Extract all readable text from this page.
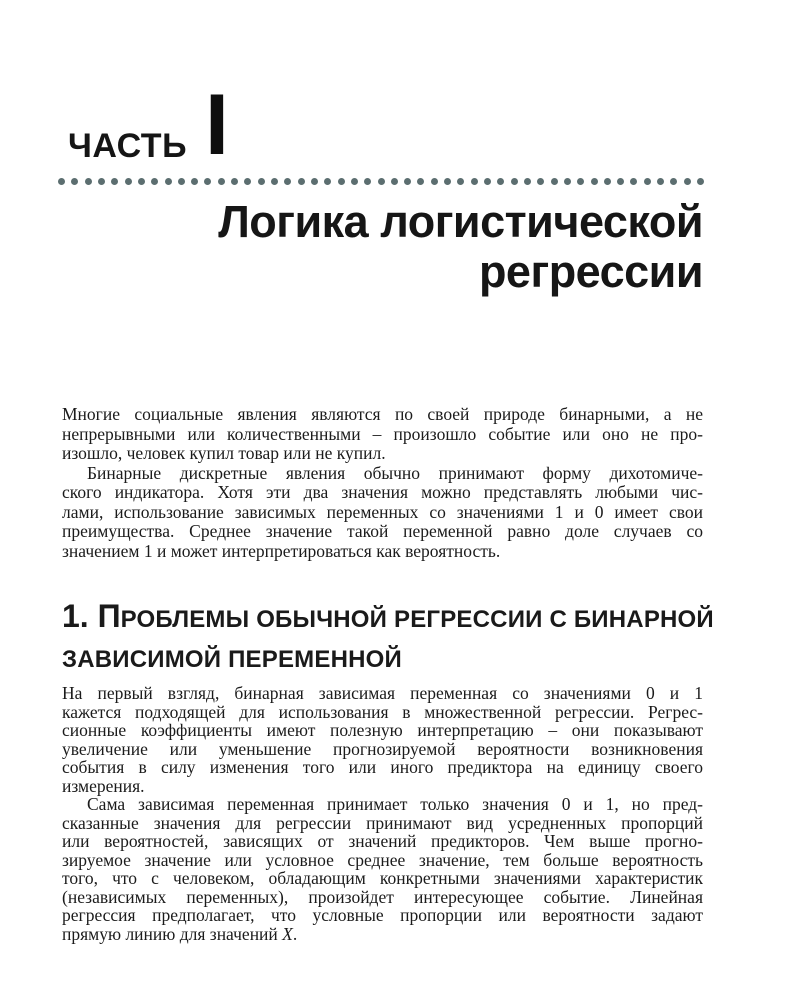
ЧАСТЬ I
Логика логистической
регрессии
Многие социальные явления являются по своей природе бинарными, а не
непрерывными или количественными – произошло событие или оно не про-
изошло, человек купил товар или не купил.
Бинарные дискретные явления обычно принимают форму дихотомиче-
ского индикатора. Хотя эти два значения можно представлять любыми чис-
лами, использование зависимых переменных со значениями 1 и 0 имеет свои
преимущества. Среднее значение такой переменной равно доле случаев со
значением 1 и может интерпретироваться как вероятность.
1. ПРОБЛЕМЫ ОБЫЧНОЙ РЕГРЕССИИ С БИНАРНОЙ
ЗАВИСИМОЙ ПЕРЕМЕННОЙ
На первый взгляд, бинарная зависимая переменная со значениями 0 и 1
кажется подходящей для использования в множественной регрессии. Регрес-
сионные коэффициенты имеют полезную интерпретацию – они показывают
увеличение или уменьшение прогнозируемой вероятности возникновения
события в силу изменения того или иного предиктора на единицу своего
измерения.
Сама зависимая переменная принимает только значения 0 и 1, но пред-
сказанные значения для регрессии принимают вид усредненных пропорций
или вероятностей, зависящих от значений предикторов. Чем выше прогно-
зируемое значение или условное среднее значение, тем больше вероятность
того, что с человеком, обладающим конкретными значениями характеристик
(независимых переменных), произойдет интересующее событие. Линейная
регрессия предполагает, что условные пропорции или вероятности задают
прямую линию для значений X.
